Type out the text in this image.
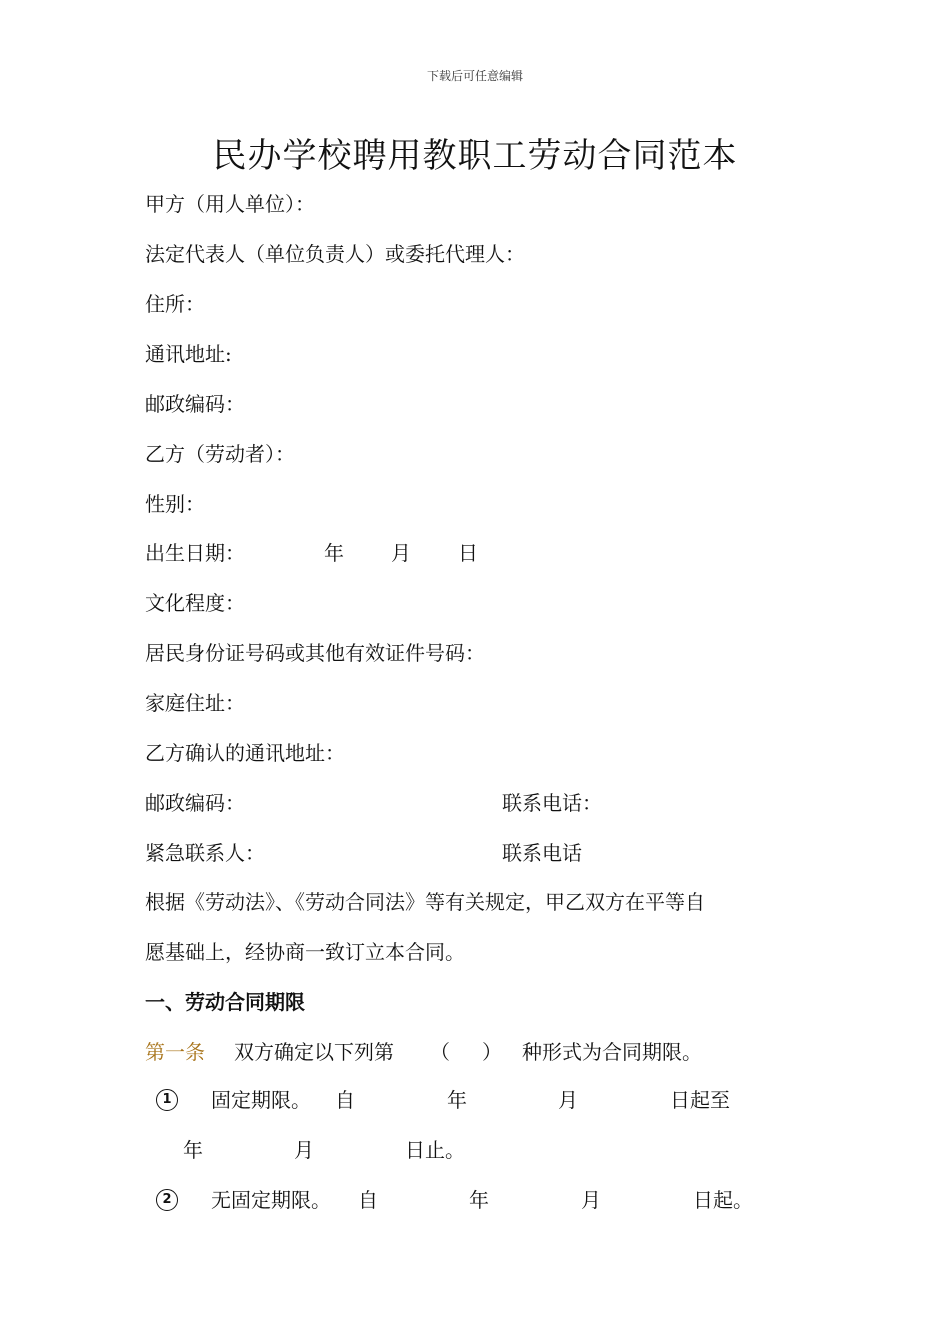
下载后可任意编辑
民办学校聘用教职工劳动合同范本
甲方（用人单位）：
法定代表人（单位负责人）或委托代理人：
住所：
通讯地址:
邮政编码：
乙方（劳动者）：
性别：
出生日期：	年 月 日
文化程度：
居民身份证号码或其他有效证件号码：
家庭住址：
乙方确认的通讯地址：
邮政编码：	联系电话：
紧急联系人：	联系电话
根据《劳动法》、《劳动合同法》等有关规定，甲乙双方在平等自
愿基础上，经协商一致订立本合同。
一、劳动合同期限
第一条 双方确定以下列第 （ ） 种形式为合同期限。
1	固定期限。 自	年	月	日起至
年	月	日止。
2	无固定期限。 自	年	月	日起。
